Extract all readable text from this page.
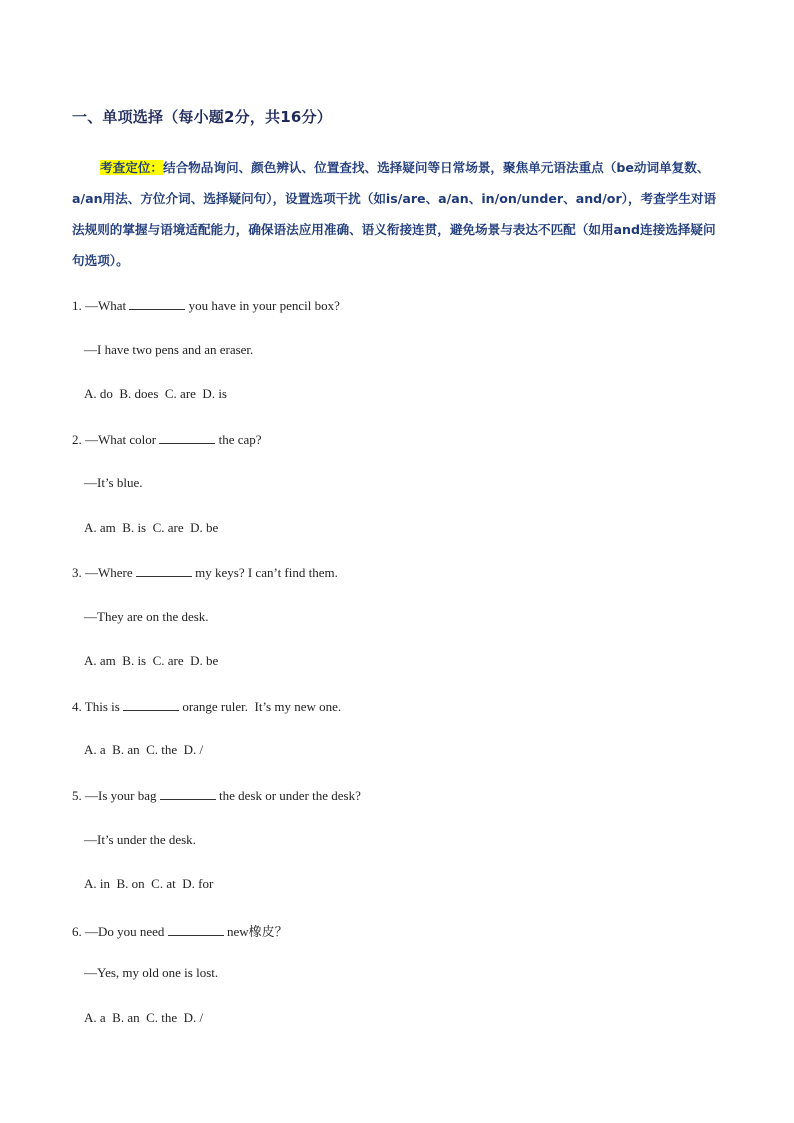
一、单项选择（每小题2分，共16分）
考查定位：结合物品询问、颜色辨认、位置查找、选择疑问等日常场景，聚焦单元语法重点（be动词单复数、a/an用法、方位介词、选择疑问句），设置选项干扰（如is/are、a/an、in/on/under、and/or），考查学生对语法规则的掌握与语境适配能力，确保语法应用准确、语义衔接连贯，避免场景与表达不匹配（如用and连接选择疑问句选项）。
1. —What	you have in your pencil box?
—I have two pens and an eraser.
A. do  B. does  C. are  D. is
2. —What color	the cap?
—It’s blue.
A. am  B. is  C. are  D. be
3. —Where	my keys? I can’t find them.
—They are on the desk.
A. am  B. is  C. are  D. be
4. This is	orange ruler.  It’s my new one.
A. a  B. an  C. the  D. /
5. —Is your bag	the desk or under the desk?
—It’s under the desk.
A. in  B. on  C. at  D. for
6. —Do you need	new橡皮？
—Yes, my old one is lost.
A. a  B. an  C. the  D. /
